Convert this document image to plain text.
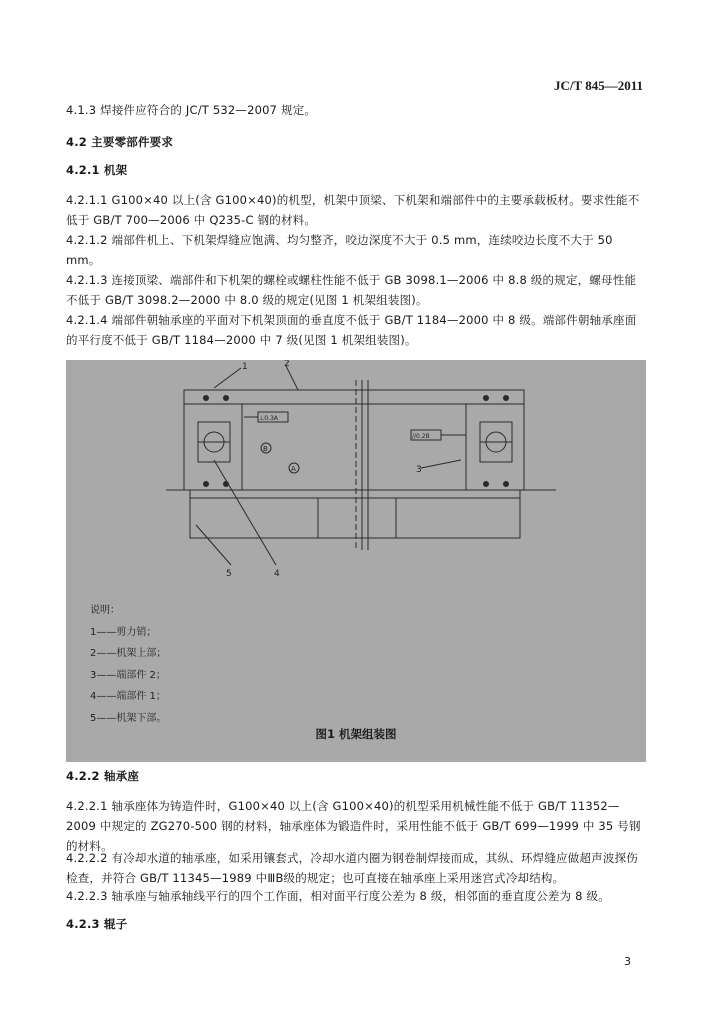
JC/T 845—2011
4.1.3 焊接件应符合的 JC/T 532—2007 规定。
4.2 主要零部件要求
4.2.1 机架
4.2.1.1 G100×40 以上(含 G100×40)的机型，机架中顶梁、下机架和端部件中的主要承载板材。要求性能不低于 GB/T 700—2006 中 Q235-C 钢的材料。
4.2.1.2 端部件机上、下机架焊缝应饱满、均匀整齐，咬边深度不大于 0.5 mm，连续咬边长度不大于 50 mm。
4.2.1.3 连接顶梁、端部件和下机架的螺栓或螺柱性能不低于 GB 3098.1—2006 中 8.8 级的规定，螺母性能不低于 GB/T 3098.2—2000 中 8.0 级的规定(见图 1 机架组装图)。
4.2.1.4 端部件朝轴承座的平面对下机架顶面的垂直度不低于 GB/T 1184—2000 中 8 级。端部件朝轴承座面的平行度不低于 GB/T 1184—2000 中 7 级(见图 1 机架组装图)。
1	2
3
4
5
B
A
⊥0.3A
//0.2B
说明：
1——剪力销；
2——机架上部；
3——端部件 2；
4——端部件 1；
5——机架下部。
图1 机架组装图
4.2.2 轴承座
4.2.2.1 轴承座体为铸造件时，G100×40 以上(含 G100×40)的机型采用机械性能不低于 GB/T 11352—2009 中规定的 ZG270-500 钢的材料，轴承座体为锻造件时，采用性能不低于 GB/T 699—1999 中 35 号钢的材料。
4.2.2.2 有冷却水道的轴承座，如采用镶套式，冷却水道内圈为钢卷制焊接而成，其纵、环焊缝应做超声波探伤检查，并符合 GB/T 11345—1989 中ⅢB级的规定；也可直接在轴承座上采用迷宫式冷却结构。
4.2.2.3 轴承座与轴承轴线平行的四个工作面，相对面平行度公差为 8 级，相邻面的垂直度公差为 8 级。
4.2.3 辊子
3
